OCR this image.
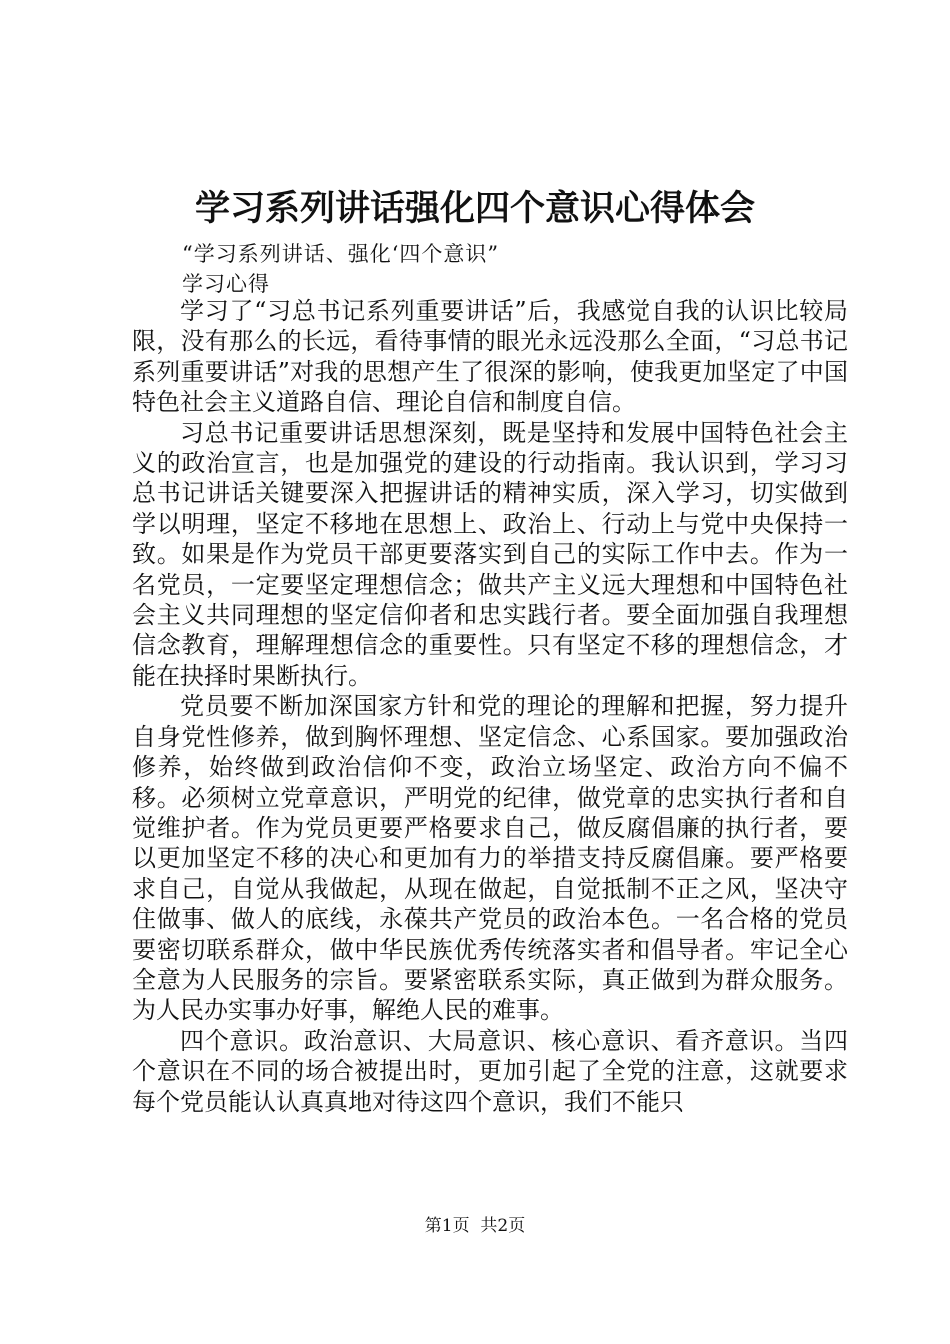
学习系列讲话强化四个意识心得体会

“学习系列讲话、强化‘四个意识”

学习心得

学习了“习总书记系列重要讲话”后，我感觉自我的认识比较局限，没有那么的长远，看待事情的眼光永远没那么全面，“习总书记系列重要讲话”对我的思想产生了很深的影响，使我更加坚定了中国特色社会主义道路自信、理论自信和制度自信。

习总书记重要讲话思想深刻，既是坚持和发展中国特色社会主义的政治宣言，也是加强党的建设的行动指南。我认识到，学习习总书记讲话关键要深入把握讲话的精神实质，深入学习，切实做到学以明理，坚定不移地在思想上、政治上、行动上与党中央保持一致。如果是作为党员干部更要落实到自己的实际工作中去。作为一名党员，一定要坚定理想信念；做共产主义远大理想和中国特色社会主义共同理想的坚定信仰者和忠实践行者。要全面加强自我理想信念教育，理解理想信念的重要性。只有坚定不移的理想信念，才能在抉择时果断执行。

党员要不断加深国家方针和党的理论的理解和把握，努力提升自身党性修养，做到胸怀理想、坚定信念、心系国家。要加强政治修养，始终做到政治信仰不变，政治立场坚定、政治方向不偏不移。必须树立党章意识，严明党的纪律，做党章的忠实执行者和自觉维护者。作为党员更要严格要求自己，做反腐倡廉的执行者，要以更加坚定不移的决心和更加有力的举措支持反腐倡廉。要严格要求自己，自觉从我做起，从现在做起，自觉抵制不正之风，坚决守住做事、做人的底线，永葆共产党员的政治本色。一名合格的党员要密切联系群众，做中华民族优秀传统落实者和倡导者。牢记全心全意为人民服务的宗旨。要紧密联系实际，真正做到为群众服务。为人民办实事办好事，解绝人民的难事。

四个意识。政治意识、大局意识、核心意识、看齐意识。当四个意识在不同的场合被提出时，更加引起了全党的注意，这就要求每个党员能认认真真地对待这四个意识，我们不能只

第1页  共2页
